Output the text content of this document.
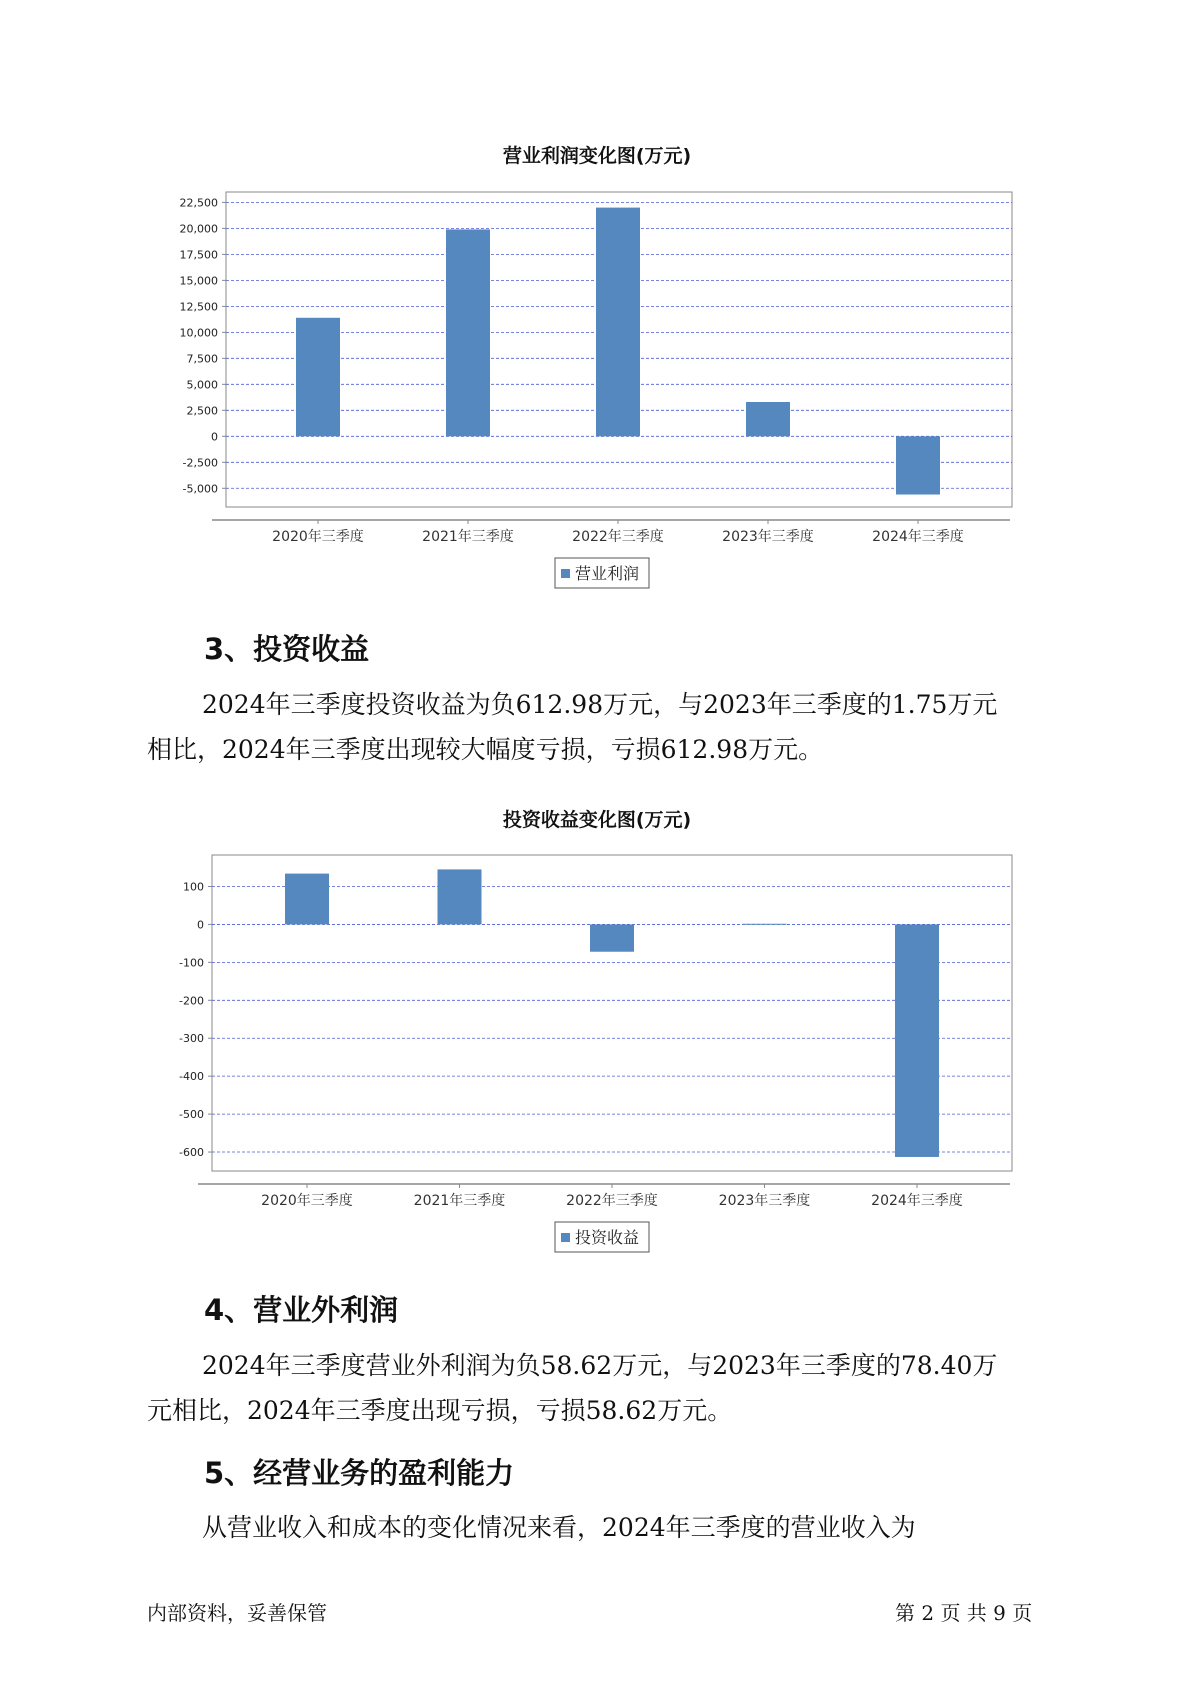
营业利润变化图(万元)
22,500
20,000
17,500
15,000
12,500
10,000
7,500
5,000
2,500
0
-2,500
-5,000
2020年三季度	2021年三季度	2022年三季度	2023年三季度	2024年三季度
营业利润
投资收益变化图(万元)
100
0
-100
-200
-300
-400
-500
-600
2020年三季度	2021年三季度	2022年三季度	2023年三季度	2024年三季度
投资收益
3、投资收益
2024年三季度投资收益为负612.98万元，与2023年三季度的1.75万元
相比，2024年三季度出现较大幅度亏损，亏损612.98万元。
4、营业外利润
2024年三季度营业外利润为负58.62万元，与2023年三季度的78.40万
元相比，2024年三季度出现亏损，亏损58.62万元。
5、经营业务的盈利能力
从营业收入和成本的变化情况来看，2024年三季度的营业收入为
内部资料，妥善保管	第 2 页 共 9 页
